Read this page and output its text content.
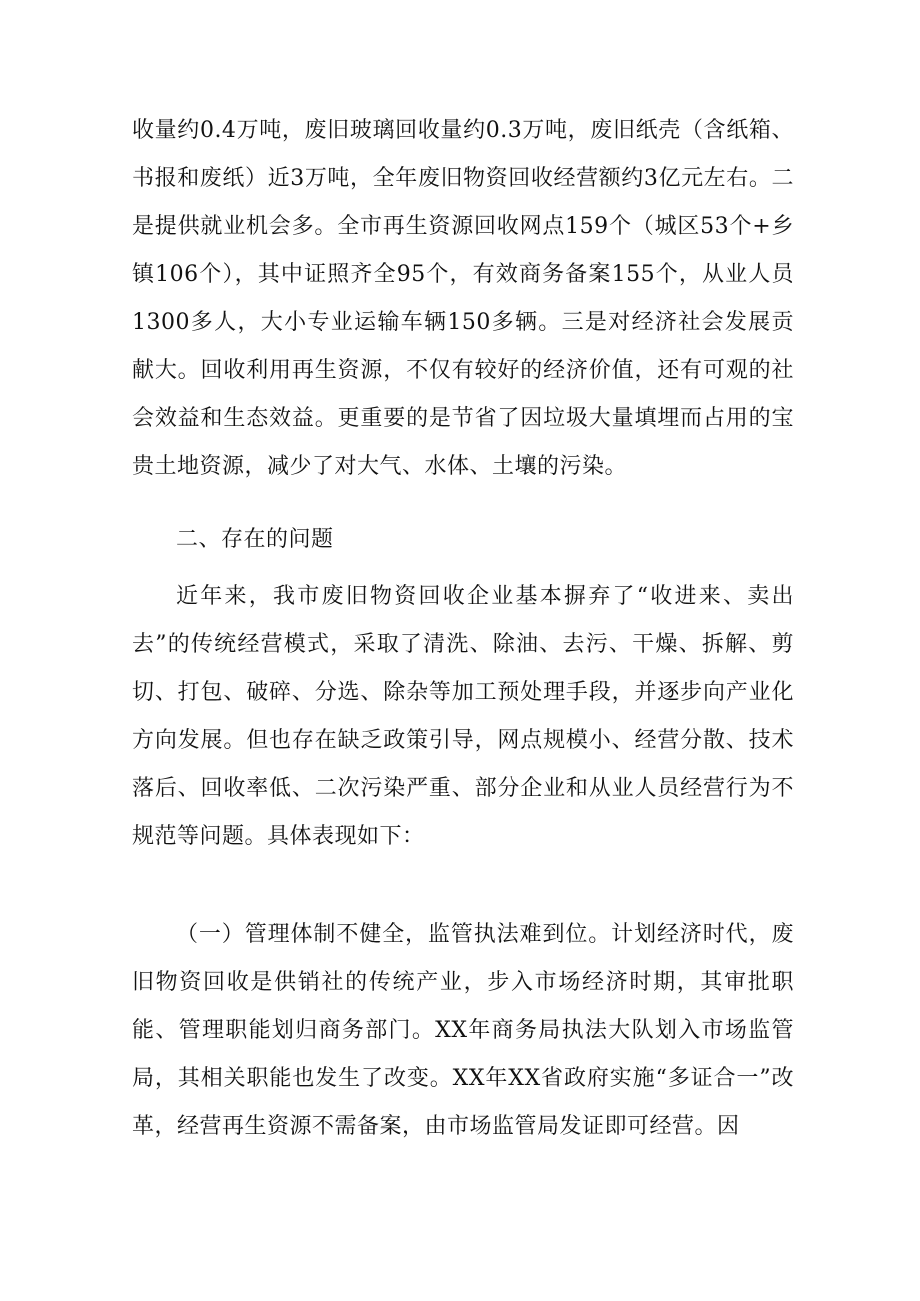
收量约0.4万吨，废旧玻璃回收量约0.3万吨，废旧纸壳（含纸箱、书报和废纸）近3万吨，全年废旧物资回收经营额约3亿元左右。二是提供就业机会多。全市再生资源回收网点159个（城区53个+乡镇106个），其中证照齐全95个，有效商务备案155个，从业人员1300多人，大小专业运输车辆150多辆。三是对经济社会发展贡献大。回收利用再生资源，不仅有较好的经济价值，还有可观的社会效益和生态效益。更重要的是节省了因垃圾大量填埋而占用的宝贵土地资源，减少了对大气、水体、土壤的污染。

二、存在的问题

近年来，我市废旧物资回收企业基本摒弃了“收进来、卖出去”的传统经营模式，采取了清洗、除油、去污、干燥、拆解、剪切、打包、破碎、分选、除杂等加工预处理手段，并逐步向产业化方向发展。但也存在缺乏政策引导，网点规模小、经营分散、技术落后、回收率低、二次污染严重、部分企业和从业人员经营行为不规范等问题。具体表现如下：

（一）管理体制不健全，监管执法难到位。计划经济时代，废旧物资回收是供销社的传统产业，步入市场经济时期，其审批职能、管理职能划归商务部门。XX年商务局执法大队划入市场监管局，其相关职能也发生了改变。XX年XX省政府实施“多证合一”改革，经营再生资源不需备案，由市场监管局发证即可经营。因
